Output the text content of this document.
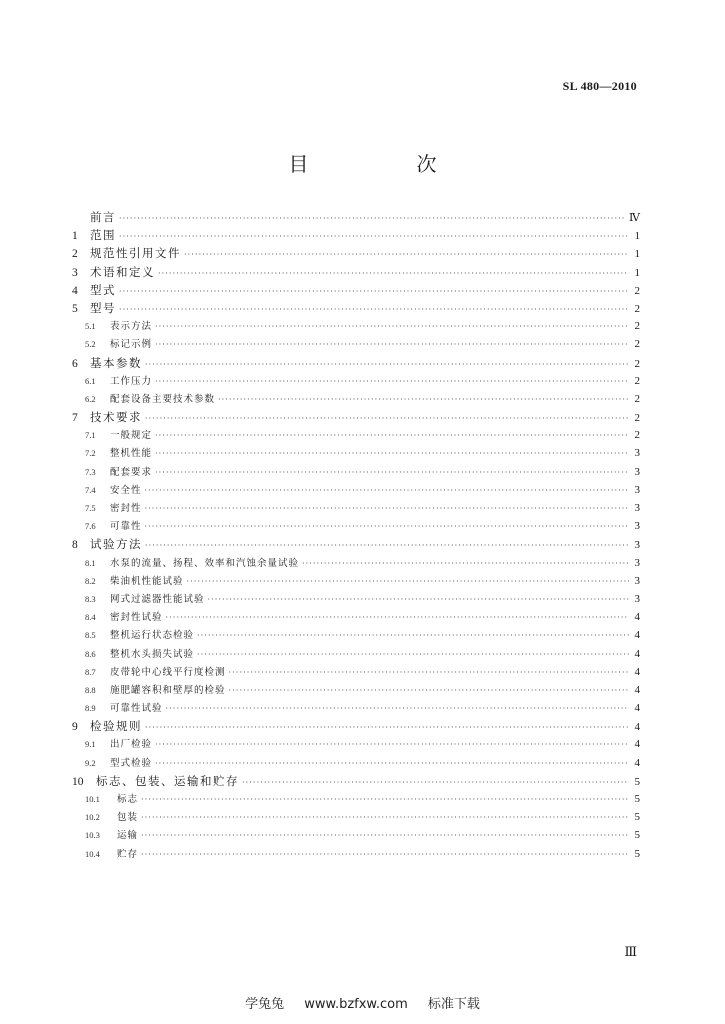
SL 480—2010
目　次
前言 ·····	Ⅳ
1	范围 ·····	1
2	规范性引用文件 ·····	1
3	术语和定义 ·····	1
4	型式 ·····	2
5	型号 ·····	2
5.1	表示方法 ·····	2
5.2	标记示例 ·····	2
6	基本参数 ·····	2
6.1	工作压力 ·····	2
6.2	配套设备主要技术参数 ·····	2
7	技术要求 ·····	2
7.1	一般规定 ·····	2
7.2	整机性能 ·····	3
7.3	配套要求 ·····	3
7.4	安全性 ·····	3
7.5	密封性 ·····	3
7.6	可靠性 ·····	3
8	试验方法 ·····	3
8.1	水泵的流量、扬程、效率和汽蚀余量试验 ·····	3
8.2	柴油机性能试验 ·····	3
8.3	网式过滤器性能试验 ·····	3
8.4	密封性试验 ·····	4
8.5	整机运行状态检验 ·····	4
8.6	整机水头损失试验 ·····	4
8.7	皮带轮中心线平行度检测 ·····	4
8.8	施肥罐容积和壁厚的检验 ·····	4
8.9	可靠性试验 ·····	4
9	检验规则 ·····	4
9.1	出厂检验 ·····	4
9.2	型式检验 ·····	4
10	标志、包装、运输和贮存 ·····	5
10.1	标志 ·····	5
10.2	包装 ·····	5
10.3	运输 ·····	5
10.4	贮存 ·····	5
Ⅲ
学兔兔 www.bzfxw.com 标准下载
